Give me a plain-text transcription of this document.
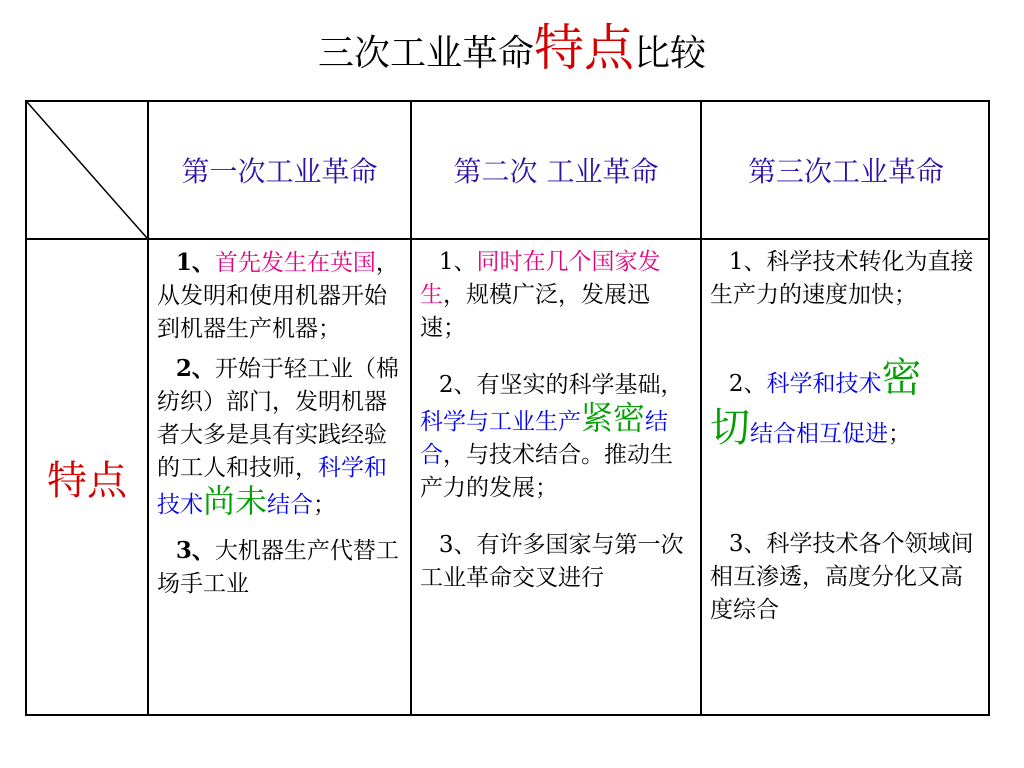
三次工业革命特点比较
第一次工业革命	第二次 工业革命	第三次工业革命
特点

  1、首先发生在英国，从发明和使用机器开始到机器生产机器；

  2、开始于轻工业（棉纺织）部门，发明机器者大多是具有实践经验的工人和技师，科学和技术尚未结合；

  3、大机器生产代替工场手工业

  1、同时在几个国家发生，规模广泛，发展迅速；

  2、有坚实的科学基础，科学与工业生产紧密结合，与技术结合。推动生产力的发展；

  3、有许多国家与第一次工业革命交叉进行

  1、科学技术转化为直接生产力的速度加快；

  2、科学和技术密
切结合相互促进；

  3、科学技术各个领域间相互渗透，高度分化又高度综合
